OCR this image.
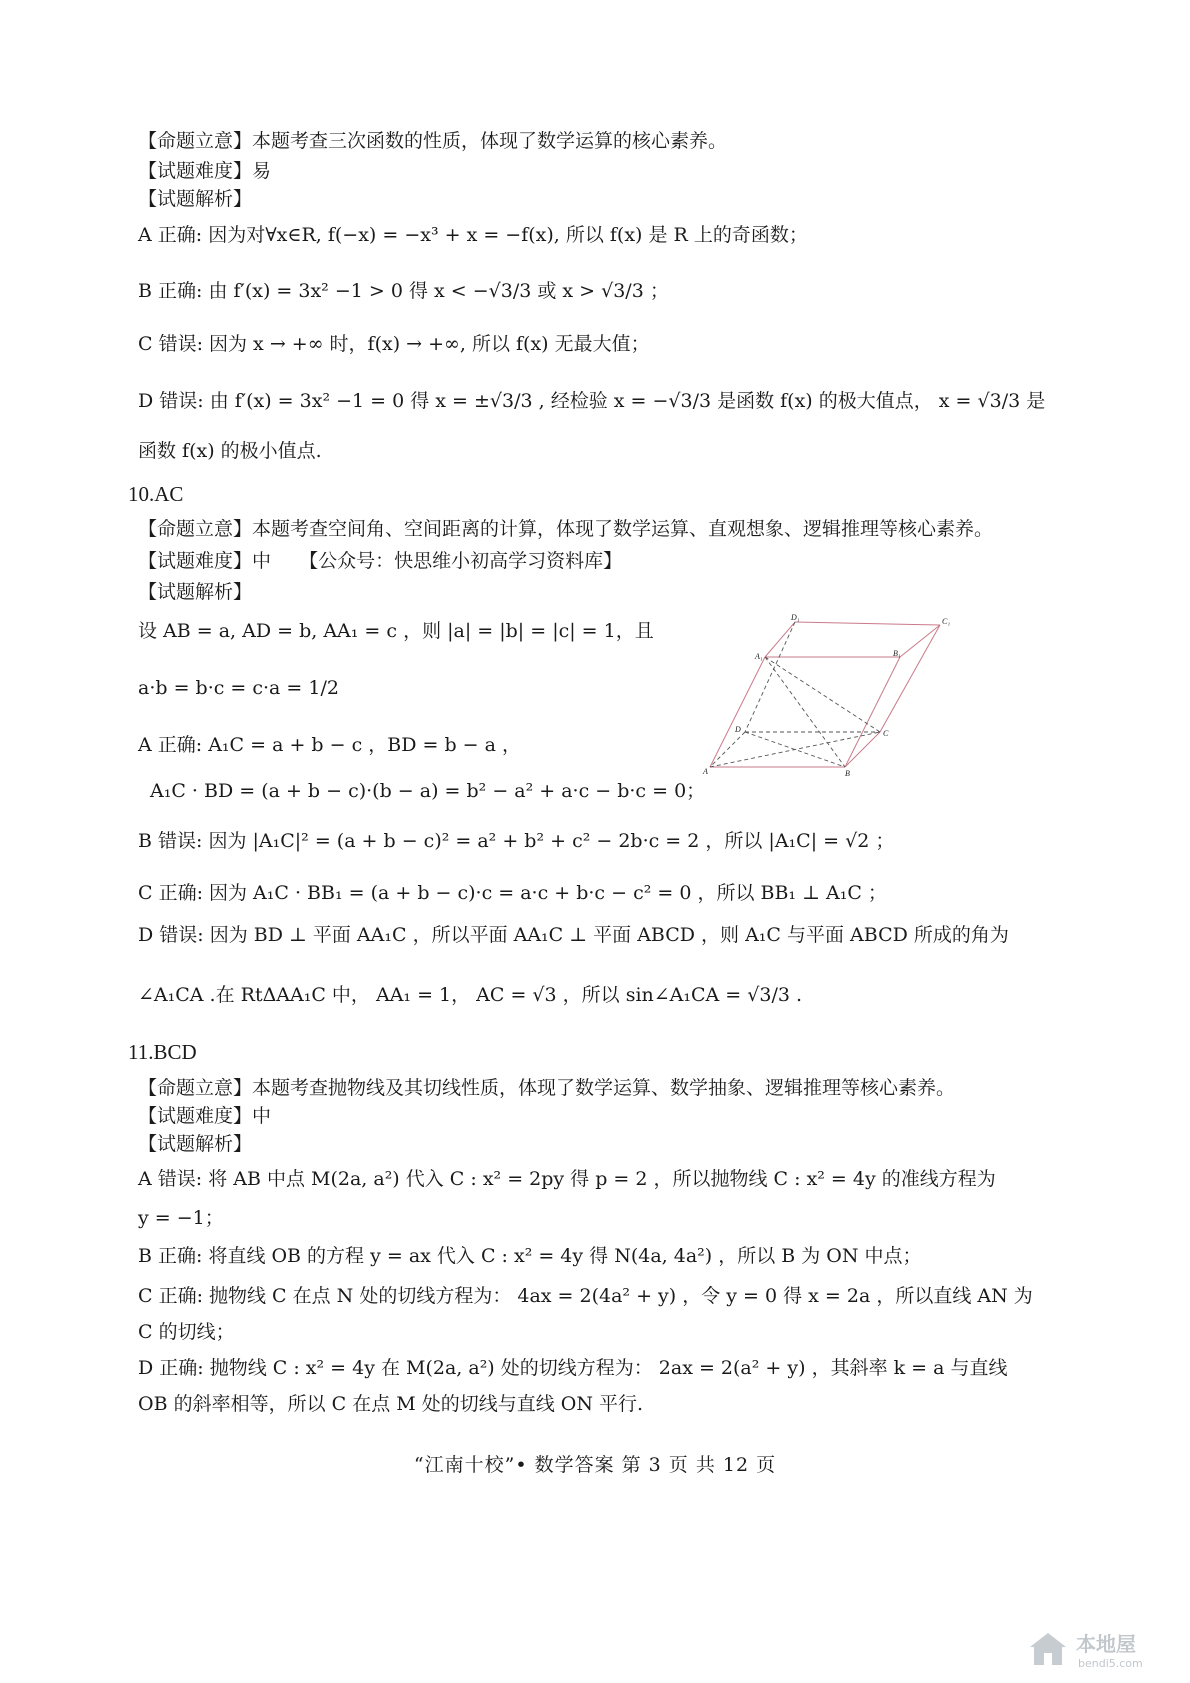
【命题立意】本题考查三次函数的性质，体现了数学运算的核心素养。
【试题难度】易
【试题解析】
A 正确: 因为对∀x∈R, f(−x) = −x³ + x = −f(x), 所以 f(x) 是 R 上的奇函数；
B 正确: 由 f′(x) = 3x² −1 > 0 得 x < −√3/3 或 x > √3/3 ；
C 错误: 因为 x → +∞ 时，f(x) → +∞, 所以 f(x) 无最大值；
D 错误: 由 f′(x) = 3x² −1 = 0 得 x = ±√3/3 , 经检验 x = −√3/3 是函数 f(x) 的极大值点， x = √3/3 是
函数 f(x) 的极小值点.
10.AC
【命题立意】本题考查空间角、空间距离的计算，体现了数学运算、直观想象、逻辑推理等核心素养。
【试题难度】中 【公众号：快思维小初高学习资料库】
【试题解析】
设 AB = a, AD = b, AA₁ = c ，则 |a| = |b| = |c| = 1，且
a·b = b·c = c·a = 1/2
A 正确: A₁C = a + b − c ，BD = b − a ，
A₁C · BD = (a + b − c)·(b − a) = b² − a² + a·c − b·c = 0；
B 错误: 因为 |A₁C|² = (a + b − c)² = a² + b² + c² − 2b·c = 2 ，所以 |A₁C| = √2 ；
C 正确: 因为 A₁C · BB₁ = (a + b − c)·c = a·c + b·c − c² = 0 ，所以 BB₁ ⊥ A₁C ；
D 错误: 因为 BD ⊥ 平面 AA₁C ，所以平面 AA₁C ⊥ 平面 ABCD ，则 A₁C 与平面 ABCD 所成的角为
∠A₁CA .在 RtΔAA₁C 中， AA₁ = 1， AC = √3 ，所以 sin∠A₁CA = √3/3 .
D₁	C₁
A₁	B₁
D	C
A	B
11.BCD
【命题立意】本题考查抛物线及其切线性质，体现了数学运算、数学抽象、逻辑推理等核心素养。
【试题难度】中
【试题解析】
A 错误: 将 AB 中点 M(2a, a²) 代入 C : x² = 2py 得 p = 2 ，所以抛物线 C : x² = 4y 的准线方程为
y = −1；
B 正确: 将直线 OB 的方程 y = ax 代入 C : x² = 4y 得 N(4a, 4a²) ，所以 B 为 ON 中点；
C 正确: 抛物线 C 在点 N 处的切线方程为： 4ax = 2(4a² + y) ，令 y = 0 得 x = 2a ，所以直线 AN 为
C 的切线；
D 正确: 抛物线 C : x² = 4y 在 M(2a, a²) 处的切线方程为： 2ax = 2(a² + y) ，其斜率 k = a 与直线
OB 的斜率相等，所以 C 在点 M 处的切线与直线 ON 平行.
“江南十校”• 数学答案 第 3 页 共 12 页
本地屋
bendi5.com
